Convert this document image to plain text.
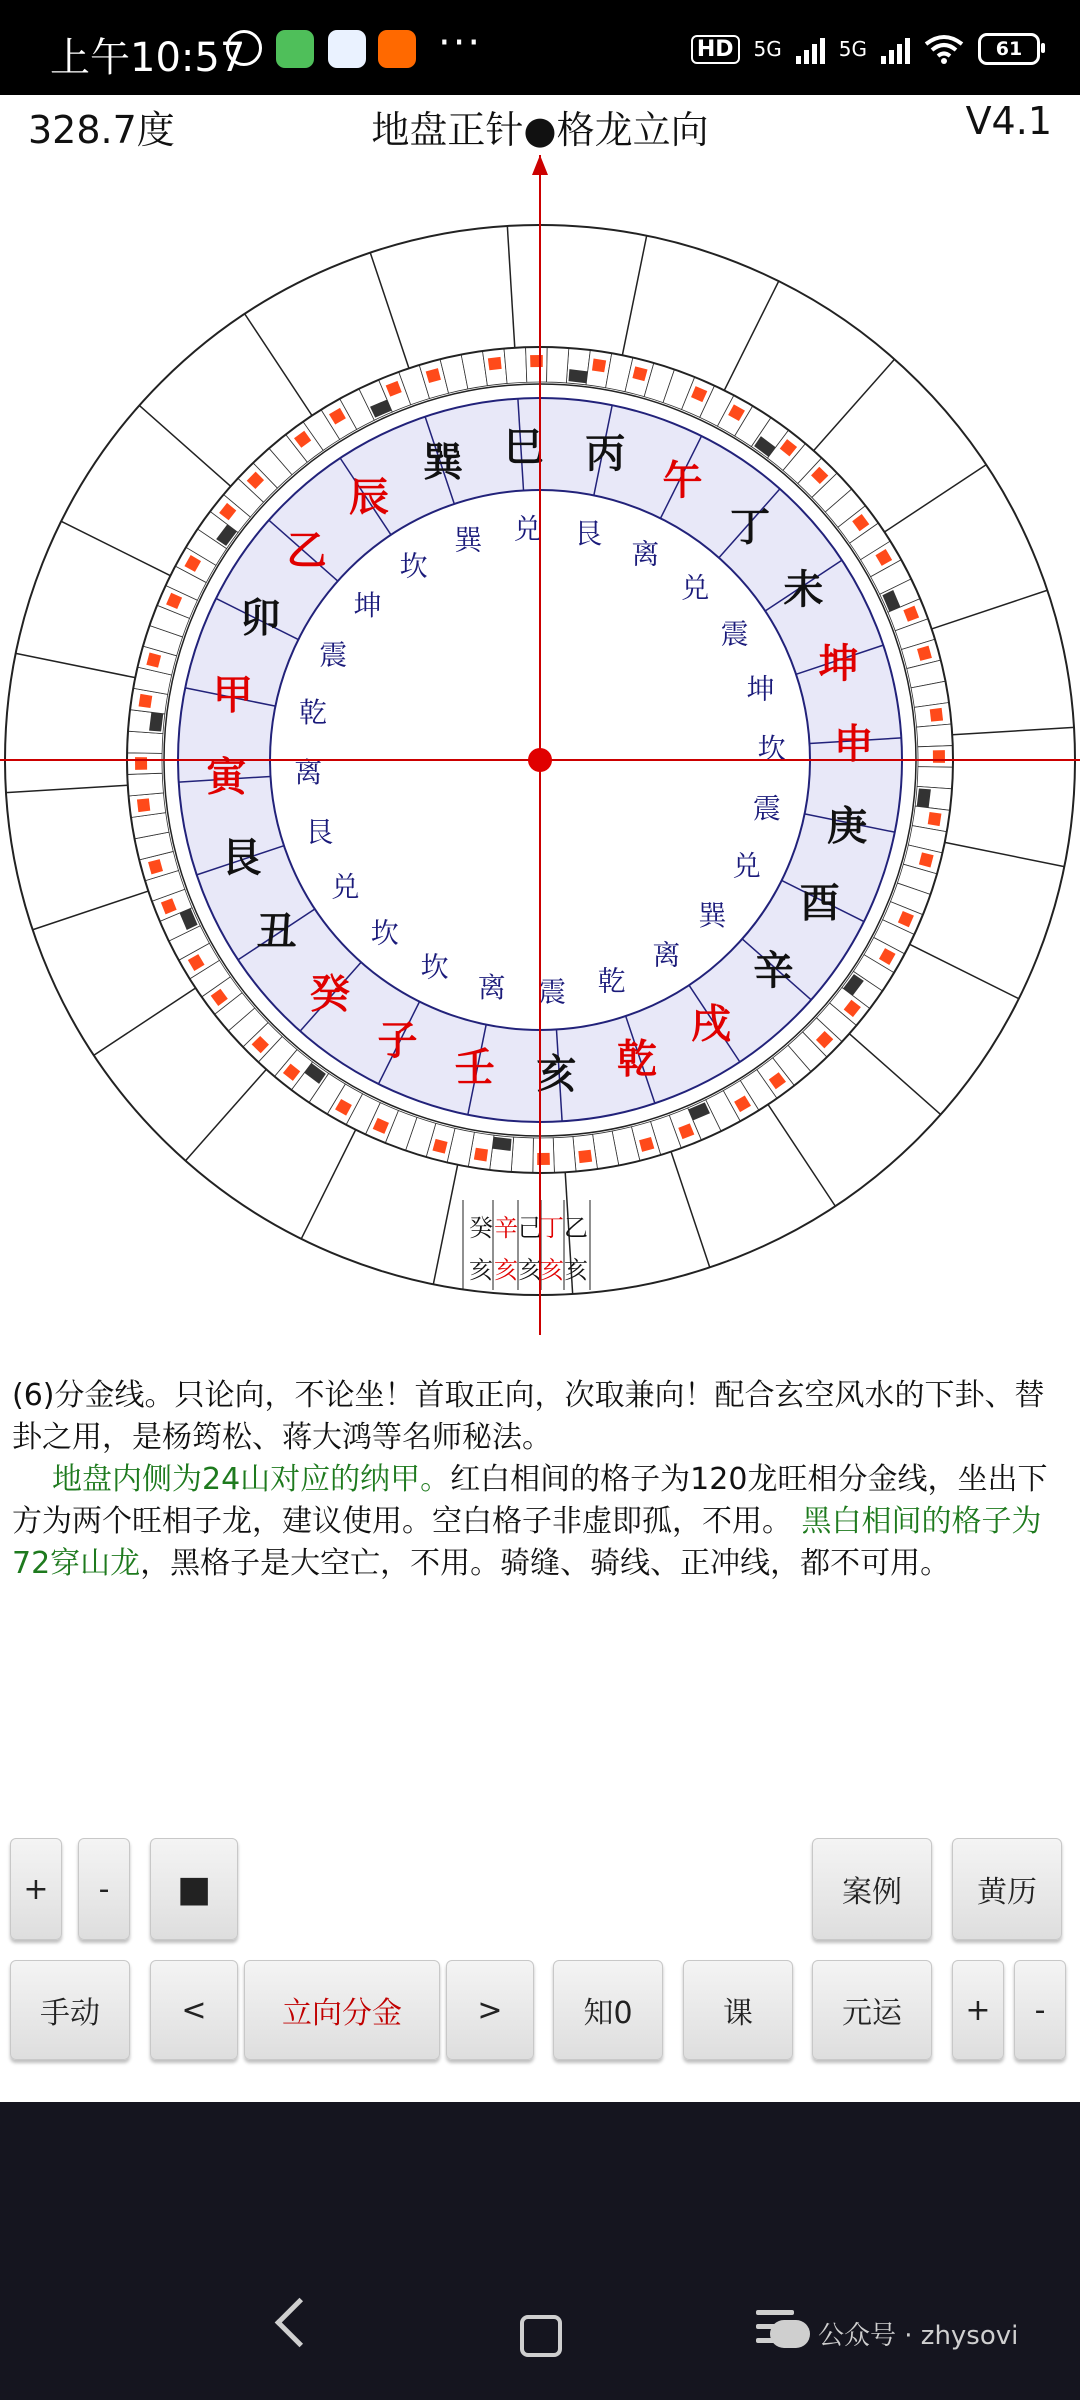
上午10:57	···	HD	5G	5G	61
328.7度	地盘正针●格龙立向	V4.1
巽 巳 丙
午
丁
未
坤
申
庚
酉
辛
戌
乾
亥
壬
子
癸
丑
艮
寅
甲
卯
乙
辰
巽 兑 艮
离
兑
震
坤
坎
震
兑
巽
离
乾
震
离
坎
坎
兑
艮
离
乾
震
坤
坎
癸 辛 己
丁 乙
亥 亥 亥
亥 亥

(6)分金线。只论向，不论坐！首取正向，次取兼向！配合玄空风水的下卦、替卦之用，是杨筠松、蒋大鸿等名师秘法。

地盘内侧为24山对应的纳甲。红白相间的格子为120龙旺相分金线，坐出下方为两个旺相子龙，建议使用。空白格子非虚即孤，不用。 黑白相间的格子为72穿山龙，黑格子是大空亡，不用。骑缝、骑线、正冲线，都不可用。

+	-	■	案例	黄历
手动	<	立向分金	>	知0	课	元运	+	-
公众号 · zhysovi
